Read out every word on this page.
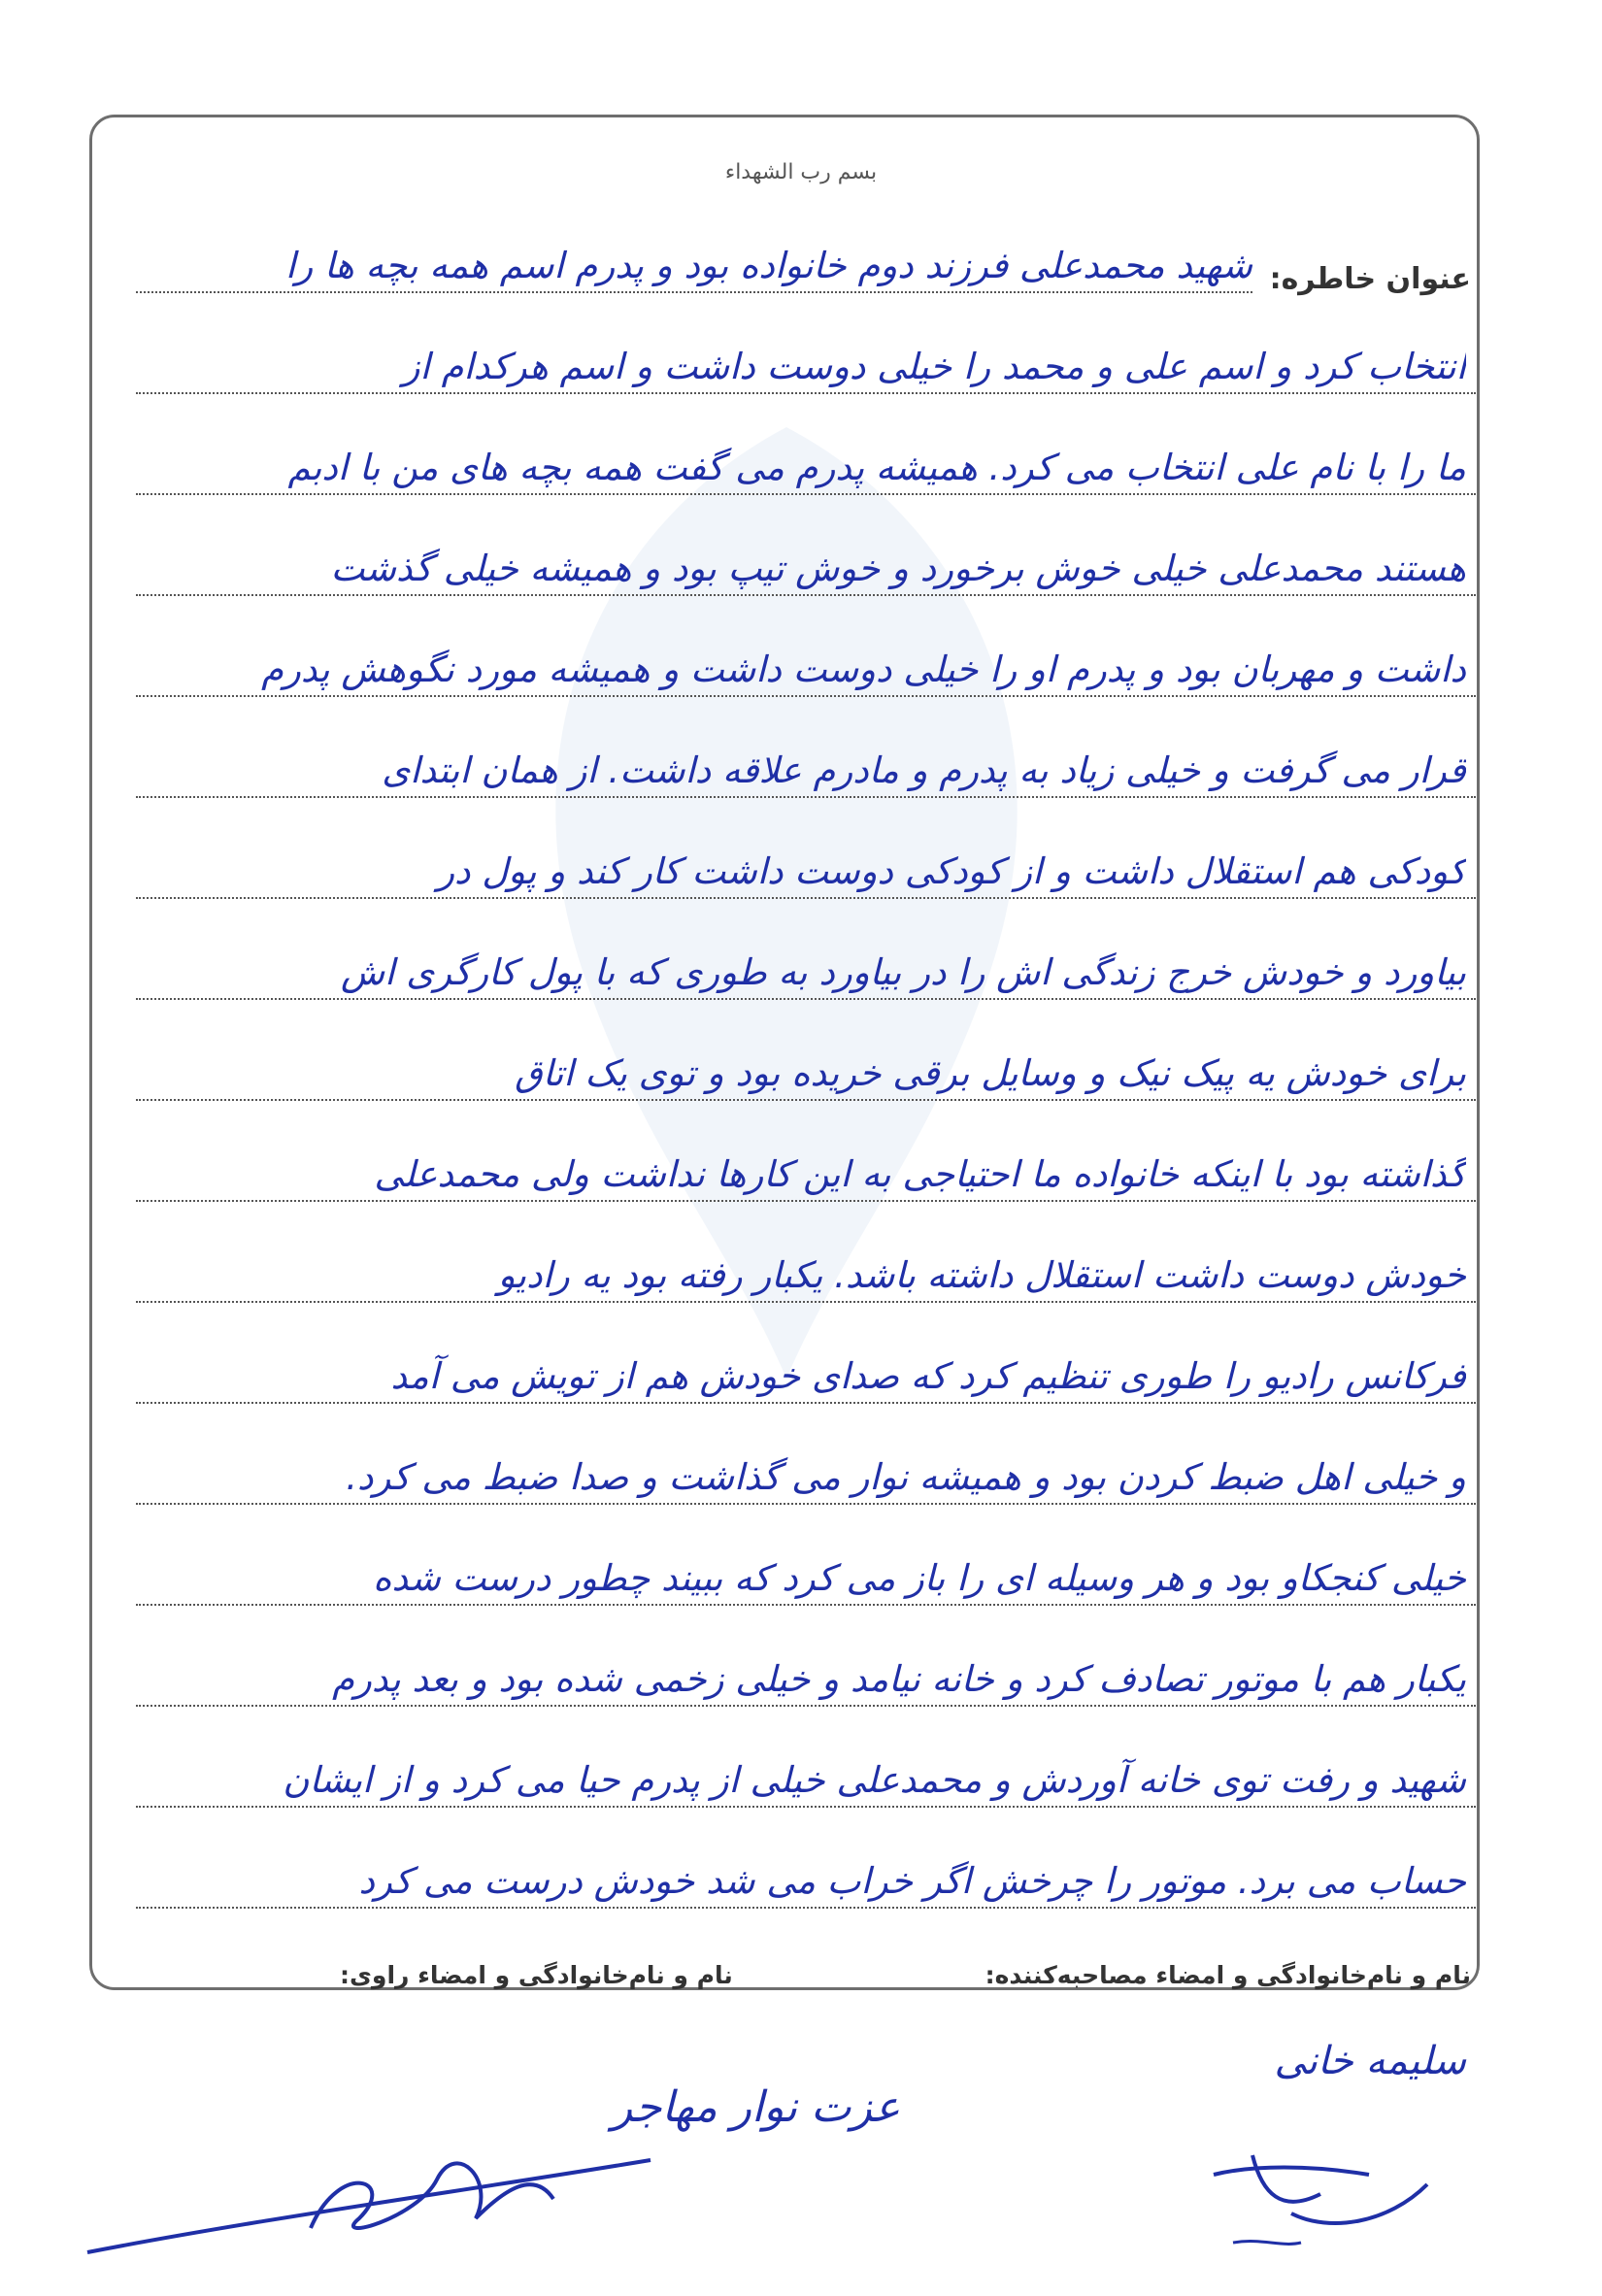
بسم رب الشهداء
عنوان خاطره:
شهید محمدعلی فرزند دوم خانواده بود و پدرم اسم همه بچه ها را
انتخاب کرد و اسم علی و محمد را خیلی دوست داشت و اسم هرکدام از
ما را با نام علی انتخاب می کرد. همیشه پدرم می گفت همه بچه های من با ادبم
هستند محمدعلی خیلی خوش برخورد و خوش تیپ بود و همیشه خیلی گذشت
داشت و مهربان بود و پدرم او را خیلی دوست داشت و همیشه مورد نگوهش پدرم
قرار می گرفت و خیلی زیاد به پدرم و مادرم علاقه داشت. از همان ابتدای
کودکی هم استقلال داشت و از کودکی دوست داشت کار کند و پول در
بیاورد و خودش خرج زندگی اش را در بیاورد به طوری که با پول کارگری اش
برای خودش یه پیک نیک و وسایل برقی خریده بود و توی یک اتاق
گذاشته بود با اینکه خانواده ما احتیاجی به این کارها نداشت ولی محمدعلی
خودش دوست داشت استقلال داشته باشد. یکبار رفته بود یه رادیو
فرکانس رادیو را طوری تنظیم کرد که صدای خودش هم از تویش می آمد
و خیلی اهل ضبط کردن بود و همیشه نوار می گذاشت و صدا ضبط می کرد.
خیلی کنجکاو بود و هر وسیله ای را باز می کرد که ببیند چطور درست شده
یکبار هم با موتور تصادف کرد و خانه نیامد و خیلی زخمی شده بود و بعد پدرم
شهید و رفت توی خانه آوردش و محمدعلی خیلی از پدرم حیا می کرد و از ایشان
حساب می برد. موتور را چرخش اگر خراب می شد خودش درست می کرد
نام و نام‌خانوادگی و امضاء مصاحبه‌کننده:
نام و نام‌خانوادگی و امضاء راوی:
عزت نوار مهاجر
سلیمه خانی
